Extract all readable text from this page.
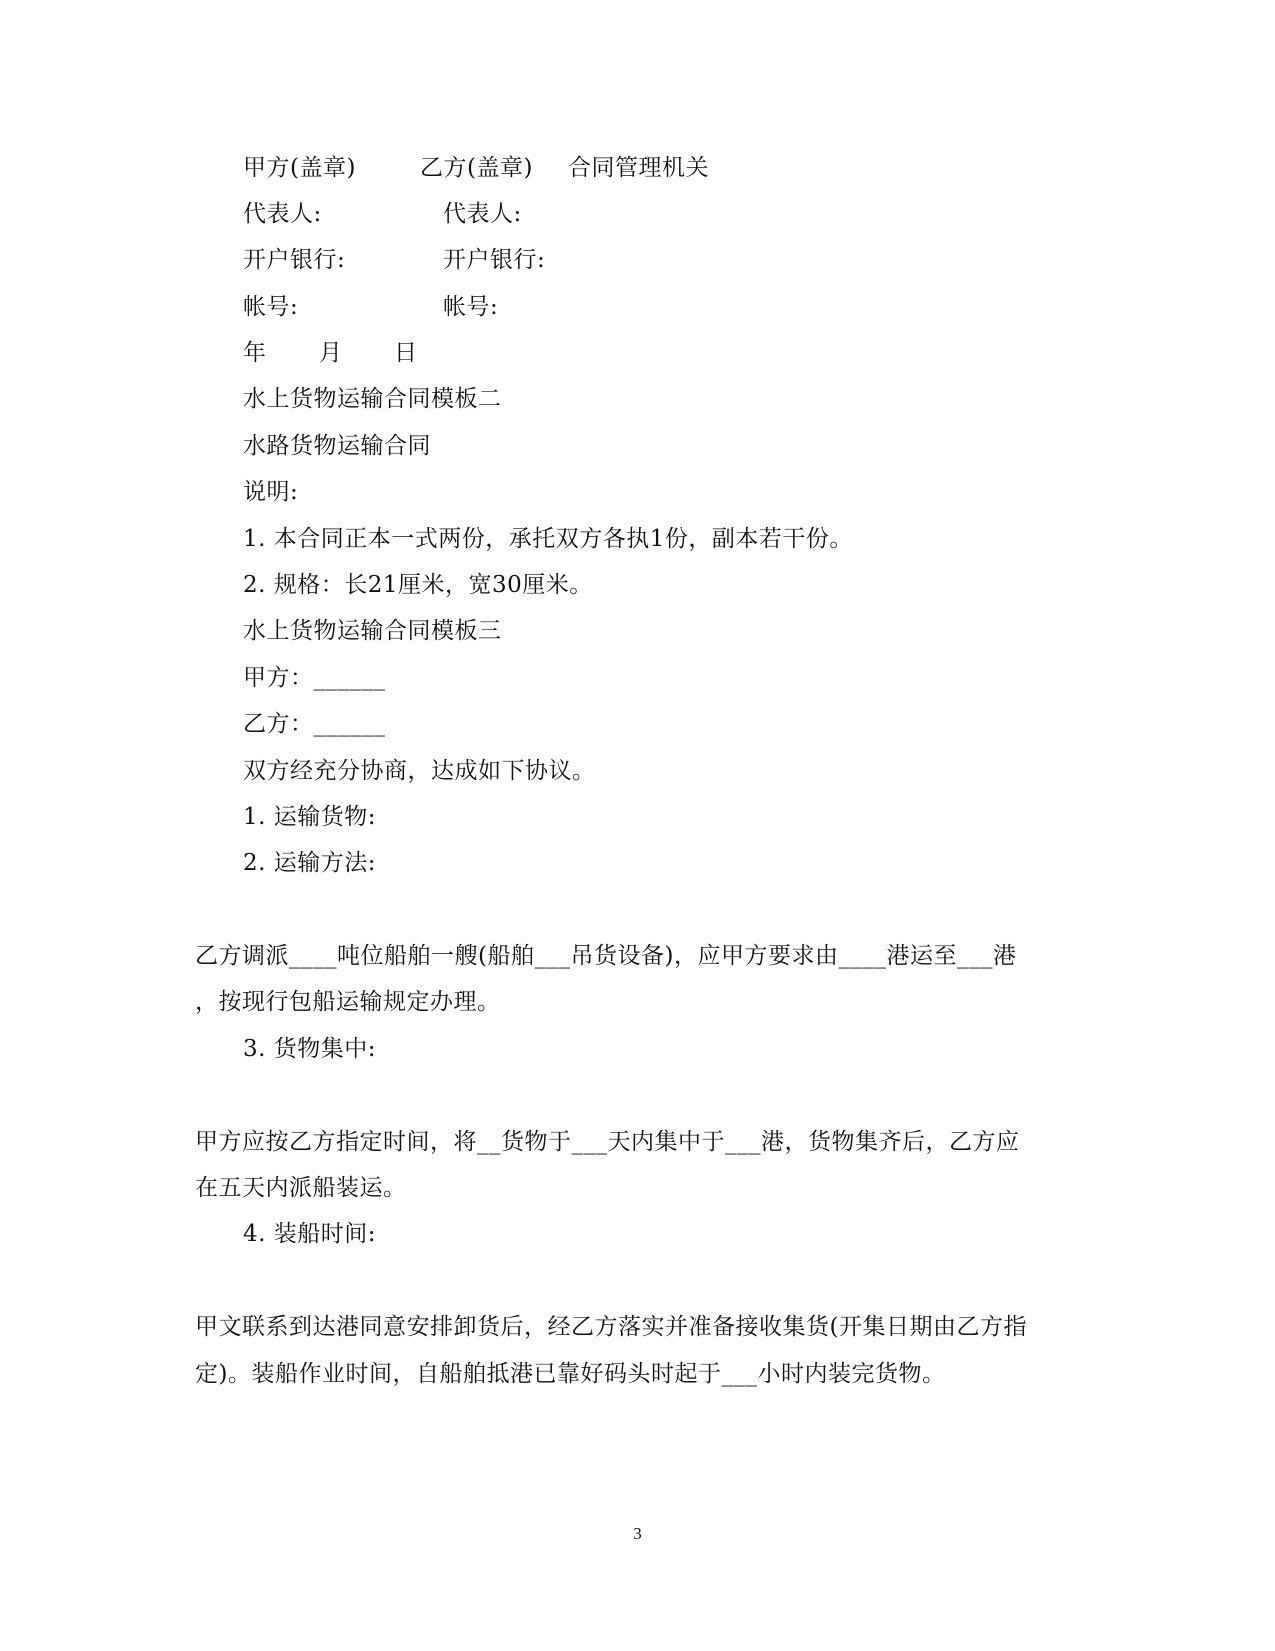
甲方(盖章)	乙方(盖章) 合同管理机关
代表人:	代表人:
开户银行:	开户银行:
帐号:	帐号:
年 月 日
水上货物运输合同模板二
水路货物运输合同
说明:
1. 本合同正本一式两份，承托双方各执1份，副本若干份。
2. 规格：长21厘米，宽30厘米。
水上货物运输合同模板三
甲方：______
乙方：______
双方经充分协商，达成如下协议。
1. 运输货物:
2. 运输方法:
乙方调派____吨位船舶一艘(船舶___吊货设备)，应甲方要求由____港运至___港
，按现行包船运输规定办理。
3. 货物集中:
甲方应按乙方指定时间，将__货物于___天内集中于___港，货物集齐后，乙方应
在五天内派船装运。
4. 装船时间:
甲文联系到达港同意安排卸货后，经乙方落实并准备接收集货(开集日期由乙方指
定)。装船作业时间，自船舶抵港已靠好码头时起于___小时内装完货物。
3
